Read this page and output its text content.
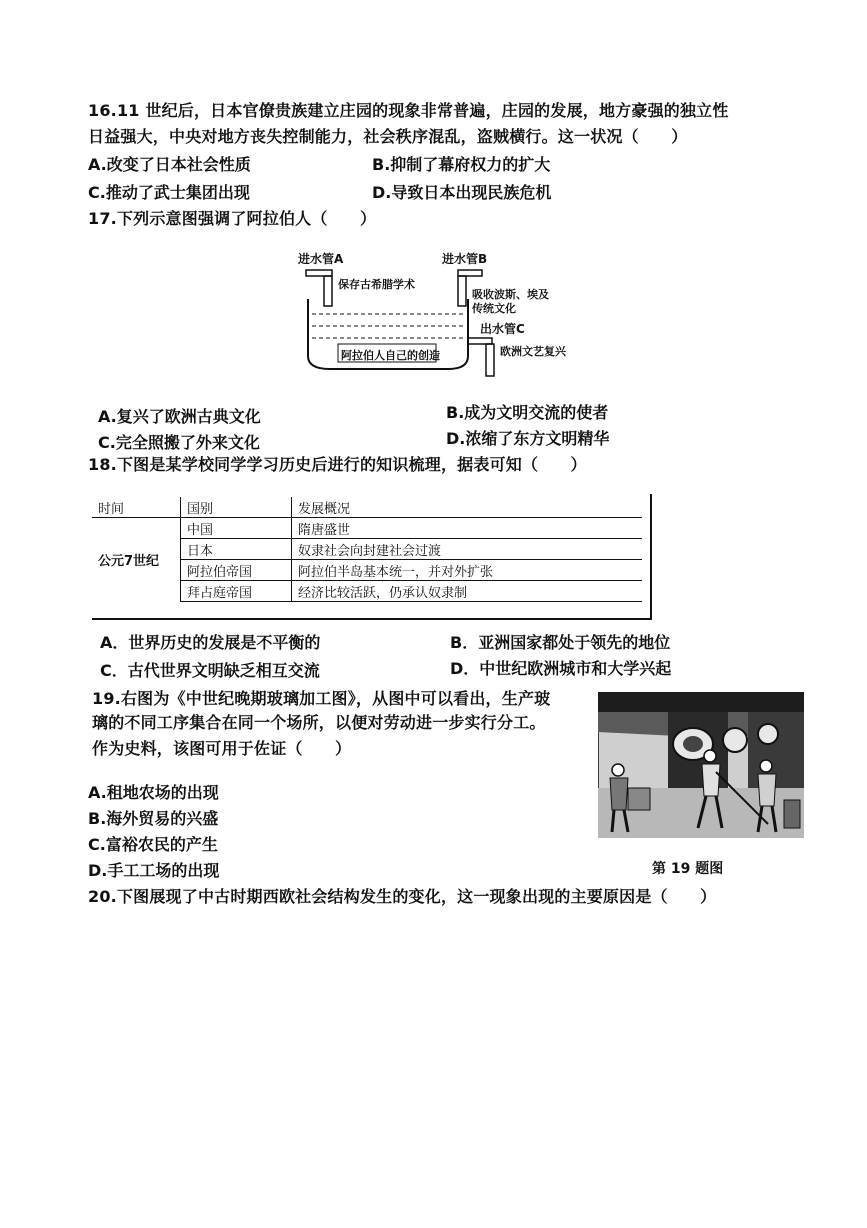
16.11 世纪后，日本官僚贵族建立庄园的现象非常普遍，庄园的发展，地方豪强的独立性
日益强大，中央对地方丧失控制能力，社会秩序混乱，盗贼横行。这一状况（　　）
A.改变了日本社会性质	B.抑制了幕府权力的扩大
C.推动了武士集团出现	D.导致日本出现民族危机
17.下列示意图强调了阿拉伯人（　　）
进水管A	进水管B
保存古希腊学术
吸收波斯、埃及
传统文化
出水管C
欧洲文艺复兴
阿拉伯人自己的创造
A.复兴了欧洲古典文化	B.成为文明交流的使者
C.完全照搬了外来文化	D.浓缩了东方文明精华
18.下图是某学校同学学习历史后进行的知识梳理，据表可知（　　）
时间	国别	发展概况
公元7世纪	中国	隋唐盛世
	日本	奴隶社会向封建社会过渡
	阿拉伯帝国	阿拉伯半岛基本统一，并对外扩张
	拜占庭帝国	经济比较活跃，仍承认奴隶制
A．世界历史的发展是不平衡的	B．亚洲国家都处于领先的地位
C．古代世界文明缺乏相互交流	D．中世纪欧洲城市和大学兴起
19.右图为《中世纪晚期玻璃加工图》，从图中可以看出，生产玻
璃的不同工序集合在同一个场所，以便对劳动进一步实行分工。
作为史料，该图可用于佐证（　　）
A.租地农场的出现
B.海外贸易的兴盛
C.富裕农民的产生
D.手工工场的出现	第 19 题图
20.下图展现了中古时期西欧社会结构发生的变化，这一现象出现的主要原因是（　　）
